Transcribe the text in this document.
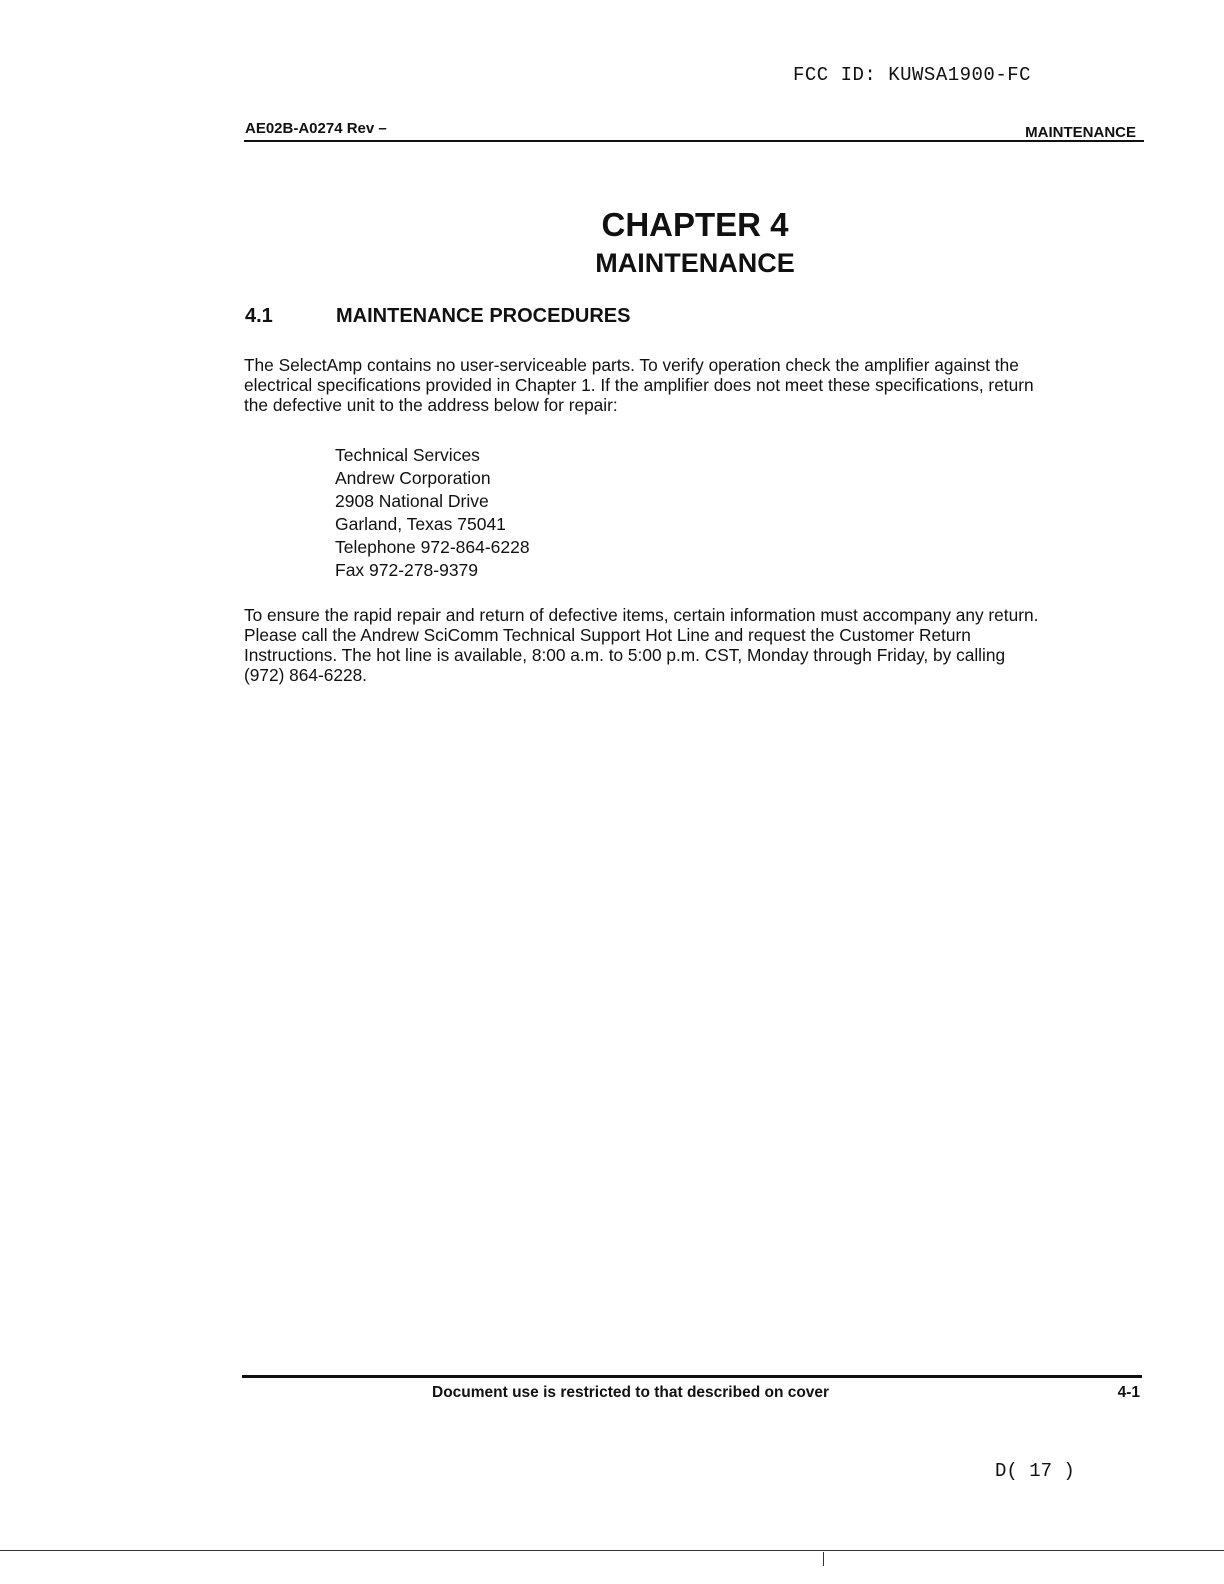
FCC ID: KUWSA1900-FC
AE02B-A0274 Rev –	MAINTENANCE
CHAPTER 4
MAINTENANCE
4.1	MAINTENANCE PROCEDURES
The SelectAmp contains no user-serviceable parts. To verify operation check the amplifier against the
electrical specifications provided in Chapter 1. If the amplifier does not meet these specifications, return
the defective unit to the address below for repair:
Technical Services
Andrew Corporation
2908 National Drive
Garland, Texas 75041
Telephone 972-864-6228
Fax 972-278-9379
To ensure the rapid repair and return of defective items, certain information must accompany any return.
Please call the Andrew SciComm Technical Support Hot Line and request the Customer Return
Instructions. The hot line is available, 8:00 a.m. to 5:00 p.m. CST, Monday through Friday, by calling
(972) 864-6228.
Document use is restricted to that described on cover	4-1
D( 17 )
